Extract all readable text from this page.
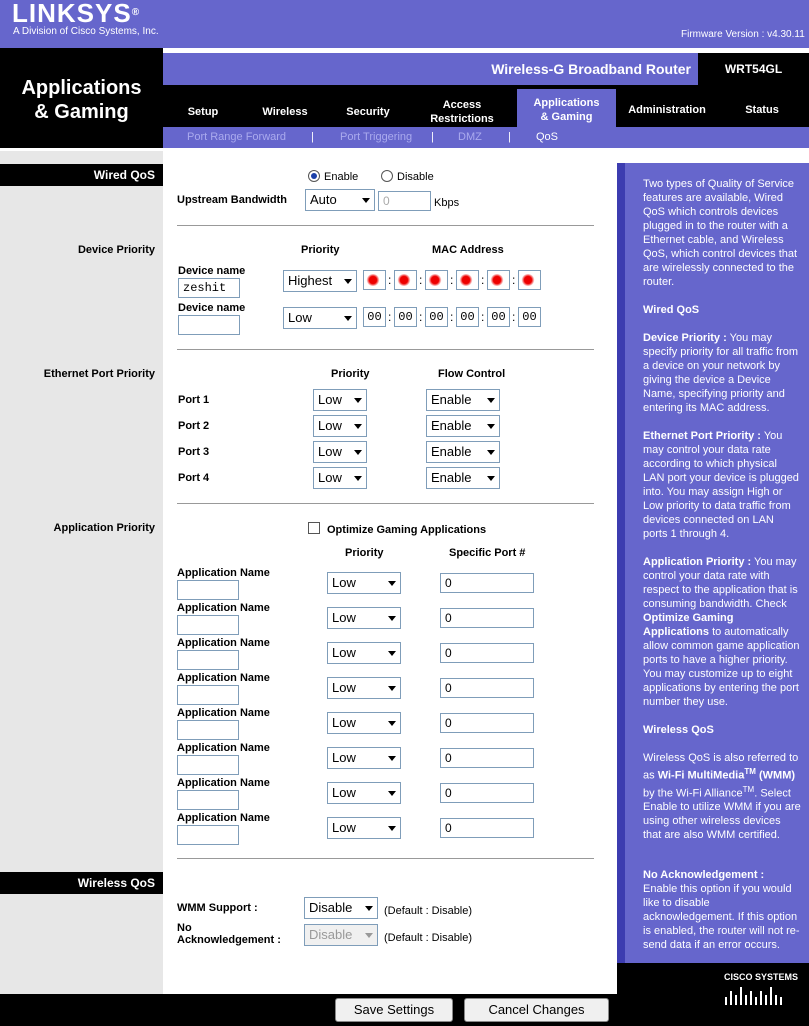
LINKSYS®
A Division of Cisco Systems, Inc.	Firmware Version : v4.30.11
Applications
& Gaming
Wireless-G Broadband Router	WRT54GL
Setup	Wireless	Security
Access
Restrictions
Applications
& Gaming
Administration	Status
Port Range Forward | Port Triggering | DMZ | QoS
Wired QoS	Enable	Disable
Upstream Bandwidth	Auto	0	Kbps
Device Priority	Priority	MAC Address
Device name
zeshit	Highest	: : : : :
Device name
Low	00 : 00 : 00 : 00 : 00 : 00
Ethernet Port Priority	Priority	Flow Control
Port 1	Low	Enable
Port 2	Low	Enable
Port 3	Low	Enable
Port 4	Low	Enable
Application Priority	Optimize Gaming Applications
Priority	Specific Port #
Application Name
Low	0
Application Name
Low	0
Application Name
Low	0
Application Name
Low	0
Application Name
Low	0
Application Name
Low	0
Application Name
Low	0
Application Name
Low	0
Wireless QoS
WMM Support :	Disable	(Default : Disable)
No
Acknowledgement :	Disable	(Default : Disable)
Two types of Quality of Service features are available, Wired QoS which controls devices plugged in to the router with a Ethernet cable, and Wireless QoS, which control devices that are wirelessly connected to the router.
Wired QoS
Device Priority : You may specify priority for all traffic from a device on your network by giving the device a Device Name, specifying priority and entering its MAC address.
Ethernet Port Priority : You may control your data rate according to which physical LAN port your device is plugged into. You may assign High or Low priority to data traffic from devices connected on LAN ports 1 through 4.
Application Priority : You may control your data rate with respect to the application that is consuming bandwidth. Check Optimize Gaming Applications to automatically allow common game application ports to have a higher priority. You may customize up to eight applications by entering the port number they use.
Wireless QoS
Wireless QoS is also referred to as Wi-Fi MultiMedia™ (WMM) by the Wi-Fi Alliance™. Select Enable to utilize WMM if you are using other wireless devices that are also WMM certified.
No Acknowledgement :
Enable this option if you would like to disable acknowledgement. If this option is enabled, the router will not re-send data if an error occurs.
CISCO SYSTEMS
Save Settings	Cancel Changes
